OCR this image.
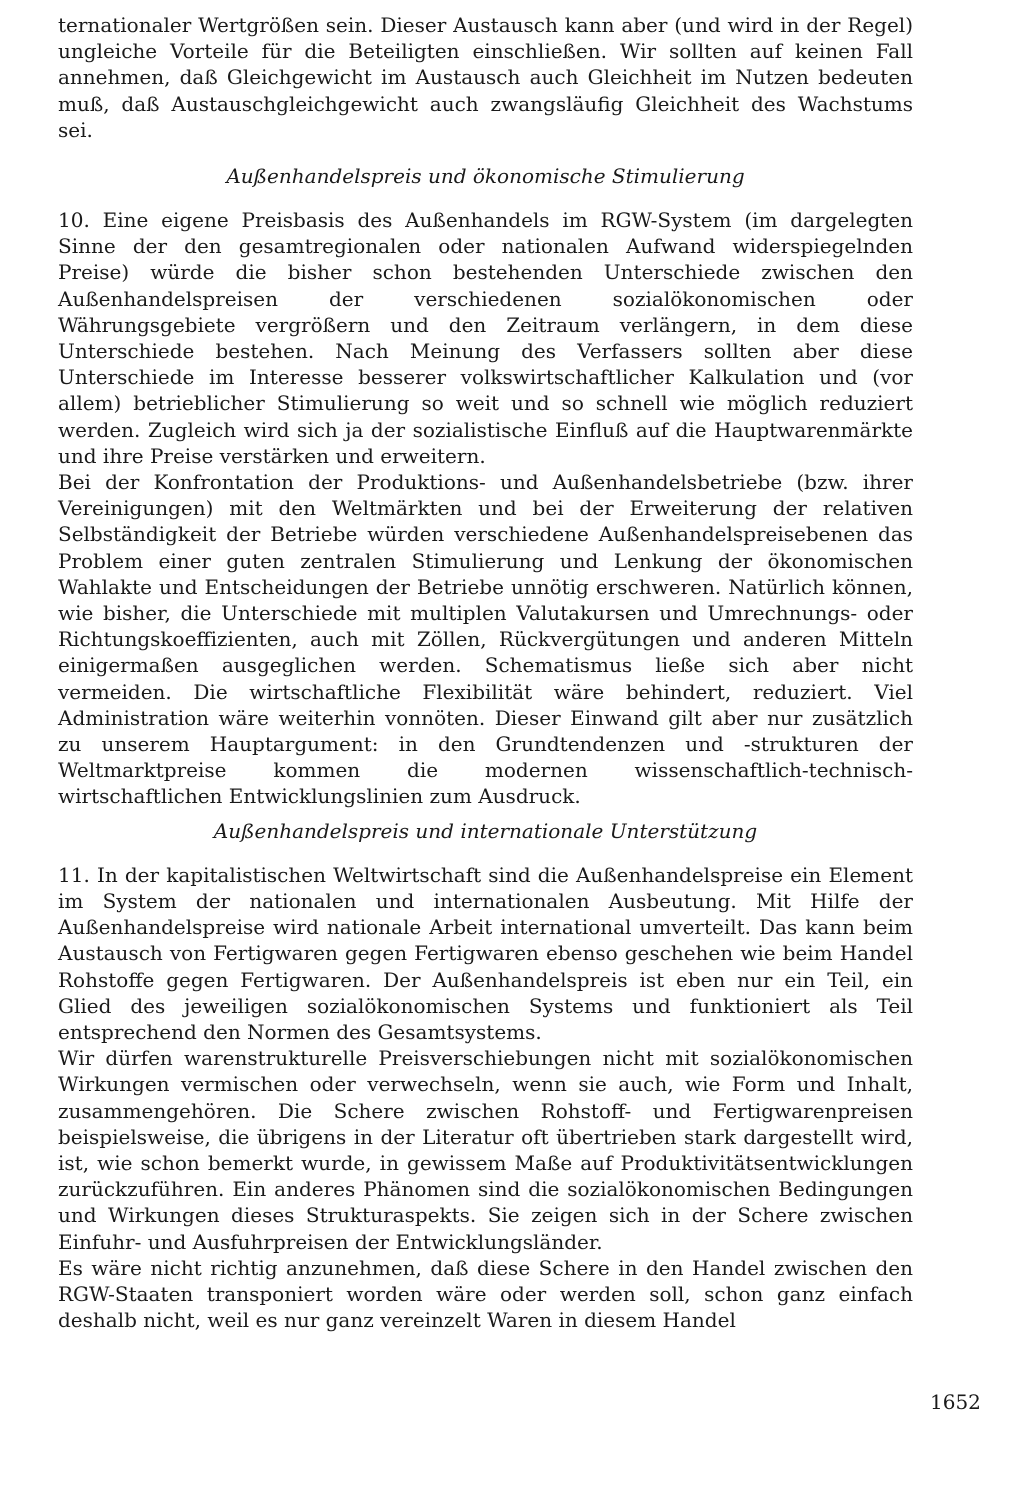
ternationaler Wertgrößen sein. Dieser Austausch kann aber (und wird in der Regel) ungleiche Vorteile für die Beteiligten einschließen. Wir sollten auf keinen Fall annehmen, daß Gleichgewicht im Austausch auch Gleichheit im Nutzen bedeuten muß, daß Austauschgleichgewicht auch zwangsläufig Gleichheit des Wachstums sei.

Außenhandelspreis und ökonomische Stimulierung

10. Eine eigene Preisbasis des Außenhandels im RGW-System (im dargelegten Sinne der den gesamtregionalen oder nationalen Aufwand widerspiegelnden Preise) würde die bisher schon bestehenden Unterschiede zwischen den Außenhandelspreisen der verschiedenen sozialökonomischen oder Währungsgebiete vergrößern und den Zeitraum verlängern, in dem diese Unterschiede bestehen. Nach Meinung des Verfassers sollten aber diese Unterschiede im Interesse besserer volkswirtschaftlicher Kalkulation und (vor allem) betrieblicher Stimulierung so weit und so schnell wie möglich reduziert werden. Zugleich wird sich ja der sozialistische Einfluß auf die Hauptwarenmärkte und ihre Preise verstärken und erweitern.

Bei der Konfrontation der Produktions- und Außenhandelsbetriebe (bzw. ihrer Vereinigungen) mit den Weltmärkten und bei der Erweiterung der relativen Selbständigkeit der Betriebe würden verschiedene Außenhandelspreisebenen das Problem einer guten zentralen Stimulierung und Lenkung der ökonomischen Wahlakte und Entscheidungen der Betriebe unnötig erschweren. Natürlich können, wie bisher, die Unterschiede mit multiplen Valutakursen und Umrechnungs- oder Richtungskoeffizienten, auch mit Zöllen, Rückvergütungen und anderen Mitteln einigermaßen ausgeglichen werden. Schematismus ließe sich aber nicht vermeiden. Die wirtschaftliche Flexibilität wäre behindert, reduziert. Viel Administration wäre weiterhin vonnöten. Dieser Einwand gilt aber nur zusätzlich zu unserem Hauptargument: in den Grundtendenzen und -strukturen der Weltmarktpreise kommen die modernen wissenschaftlich-technisch-wirtschaftlichen Entwicklungslinien zum Ausdruck.

Außenhandelspreis und internationale Unterstützung

11. In der kapitalistischen Weltwirtschaft sind die Außenhandelspreise ein Element im System der nationalen und internationalen Ausbeutung. Mit Hilfe der Außenhandelspreise wird nationale Arbeit international umverteilt. Das kann beim Austausch von Fertigwaren gegen Fertigwaren ebenso geschehen wie beim Handel Rohstoffe gegen Fertigwaren. Der Außenhandelspreis ist eben nur ein Teil, ein Glied des jeweiligen sozialökonomischen Systems und funktioniert als Teil entsprechend den Normen des Gesamtsystems.

Wir dürfen warenstrukturelle Preisverschiebungen nicht mit sozialökonomischen Wirkungen vermischen oder verwechseln, wenn sie auch, wie Form und Inhalt, zusammengehören. Die Schere zwischen Rohstoff- und Fertigwarenpreisen beispielsweise, die übrigens in der Literatur oft übertrieben stark dargestellt wird, ist, wie schon bemerkt wurde, in gewissem Maße auf Produktivitätsentwicklungen zurückzuführen. Ein anderes Phänomen sind die sozialökonomischen Bedingungen und Wirkungen dieses Strukturaspekts. Sie zeigen sich in der Schere zwischen Einfuhr- und Ausfuhrpreisen der Entwicklungsländer.

Es wäre nicht richtig anzunehmen, daß diese Schere in den Handel zwischen den RGW-Staaten transponiert worden wäre oder werden soll, schon ganz einfach deshalb nicht, weil es nur ganz vereinzelt Waren in diesem Handel

1652
